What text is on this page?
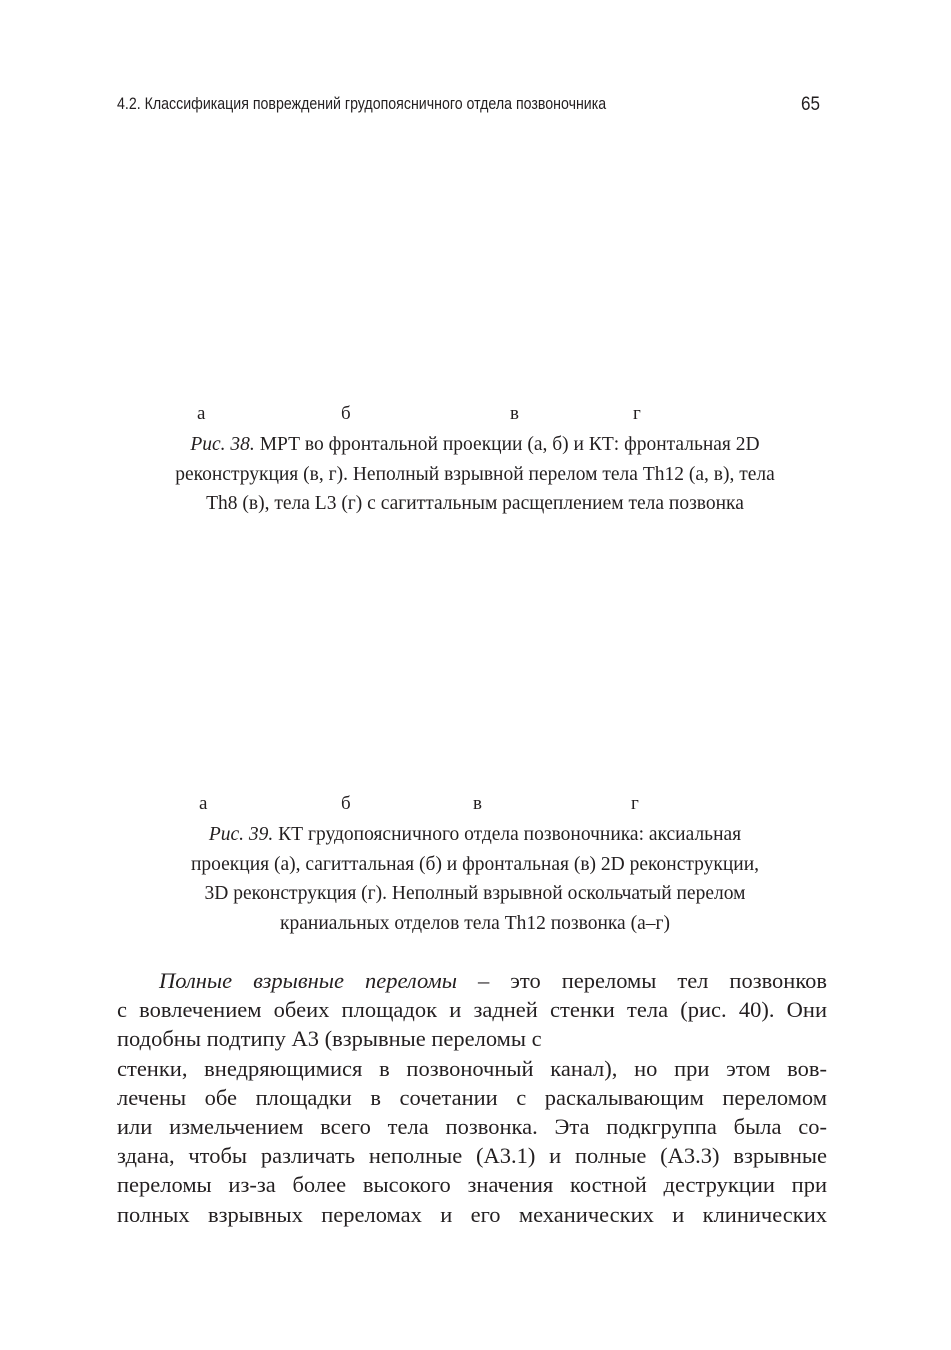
4.2. Классификация повреждений грудопоясничного отдела позвоночника	65
а	б	в	г
Рис. 38. МРТ во фронтальной проекции (а, б) и КТ: фронтальная 2D
реконструкция (в, г). Неполный взрывной перелом тела Th12 (а, в), тела
Th8 (в), тела L3 (г) с сагиттальным расщеплением тела позвонка
а	б	в	г
Рис. 39. КТ грудопоясничного отдела позвоночника: аксиальная
проекция (а), сагиттальная (б) и фронтальная (в) 2D реконструкции,
3D реконструкция (г). Неполный взрывной оскольчатый перелом
краниальных отделов тела Th12 позвонка (а–г)
Полные взрывные переломы – это переломы тел позвонков
с вовлечением обеих площадок и задней стенки тела (рис. 40). Они
подобны подтипу А3 (взрывные переломы с
стенки, внедряющимися в позвоночный канал), но при этом вов-
лечены обе площадки в сочетании с раскалывающим переломом
или измельчением всего тела позвонка. Эта подкгруппа была со-
здана, чтобы различать неполные (А3.1) и полные (А3.3) взрывные
переломы из-за более высокого значения костной деструкции при
полных взрывных переломах и его механических и клинических
